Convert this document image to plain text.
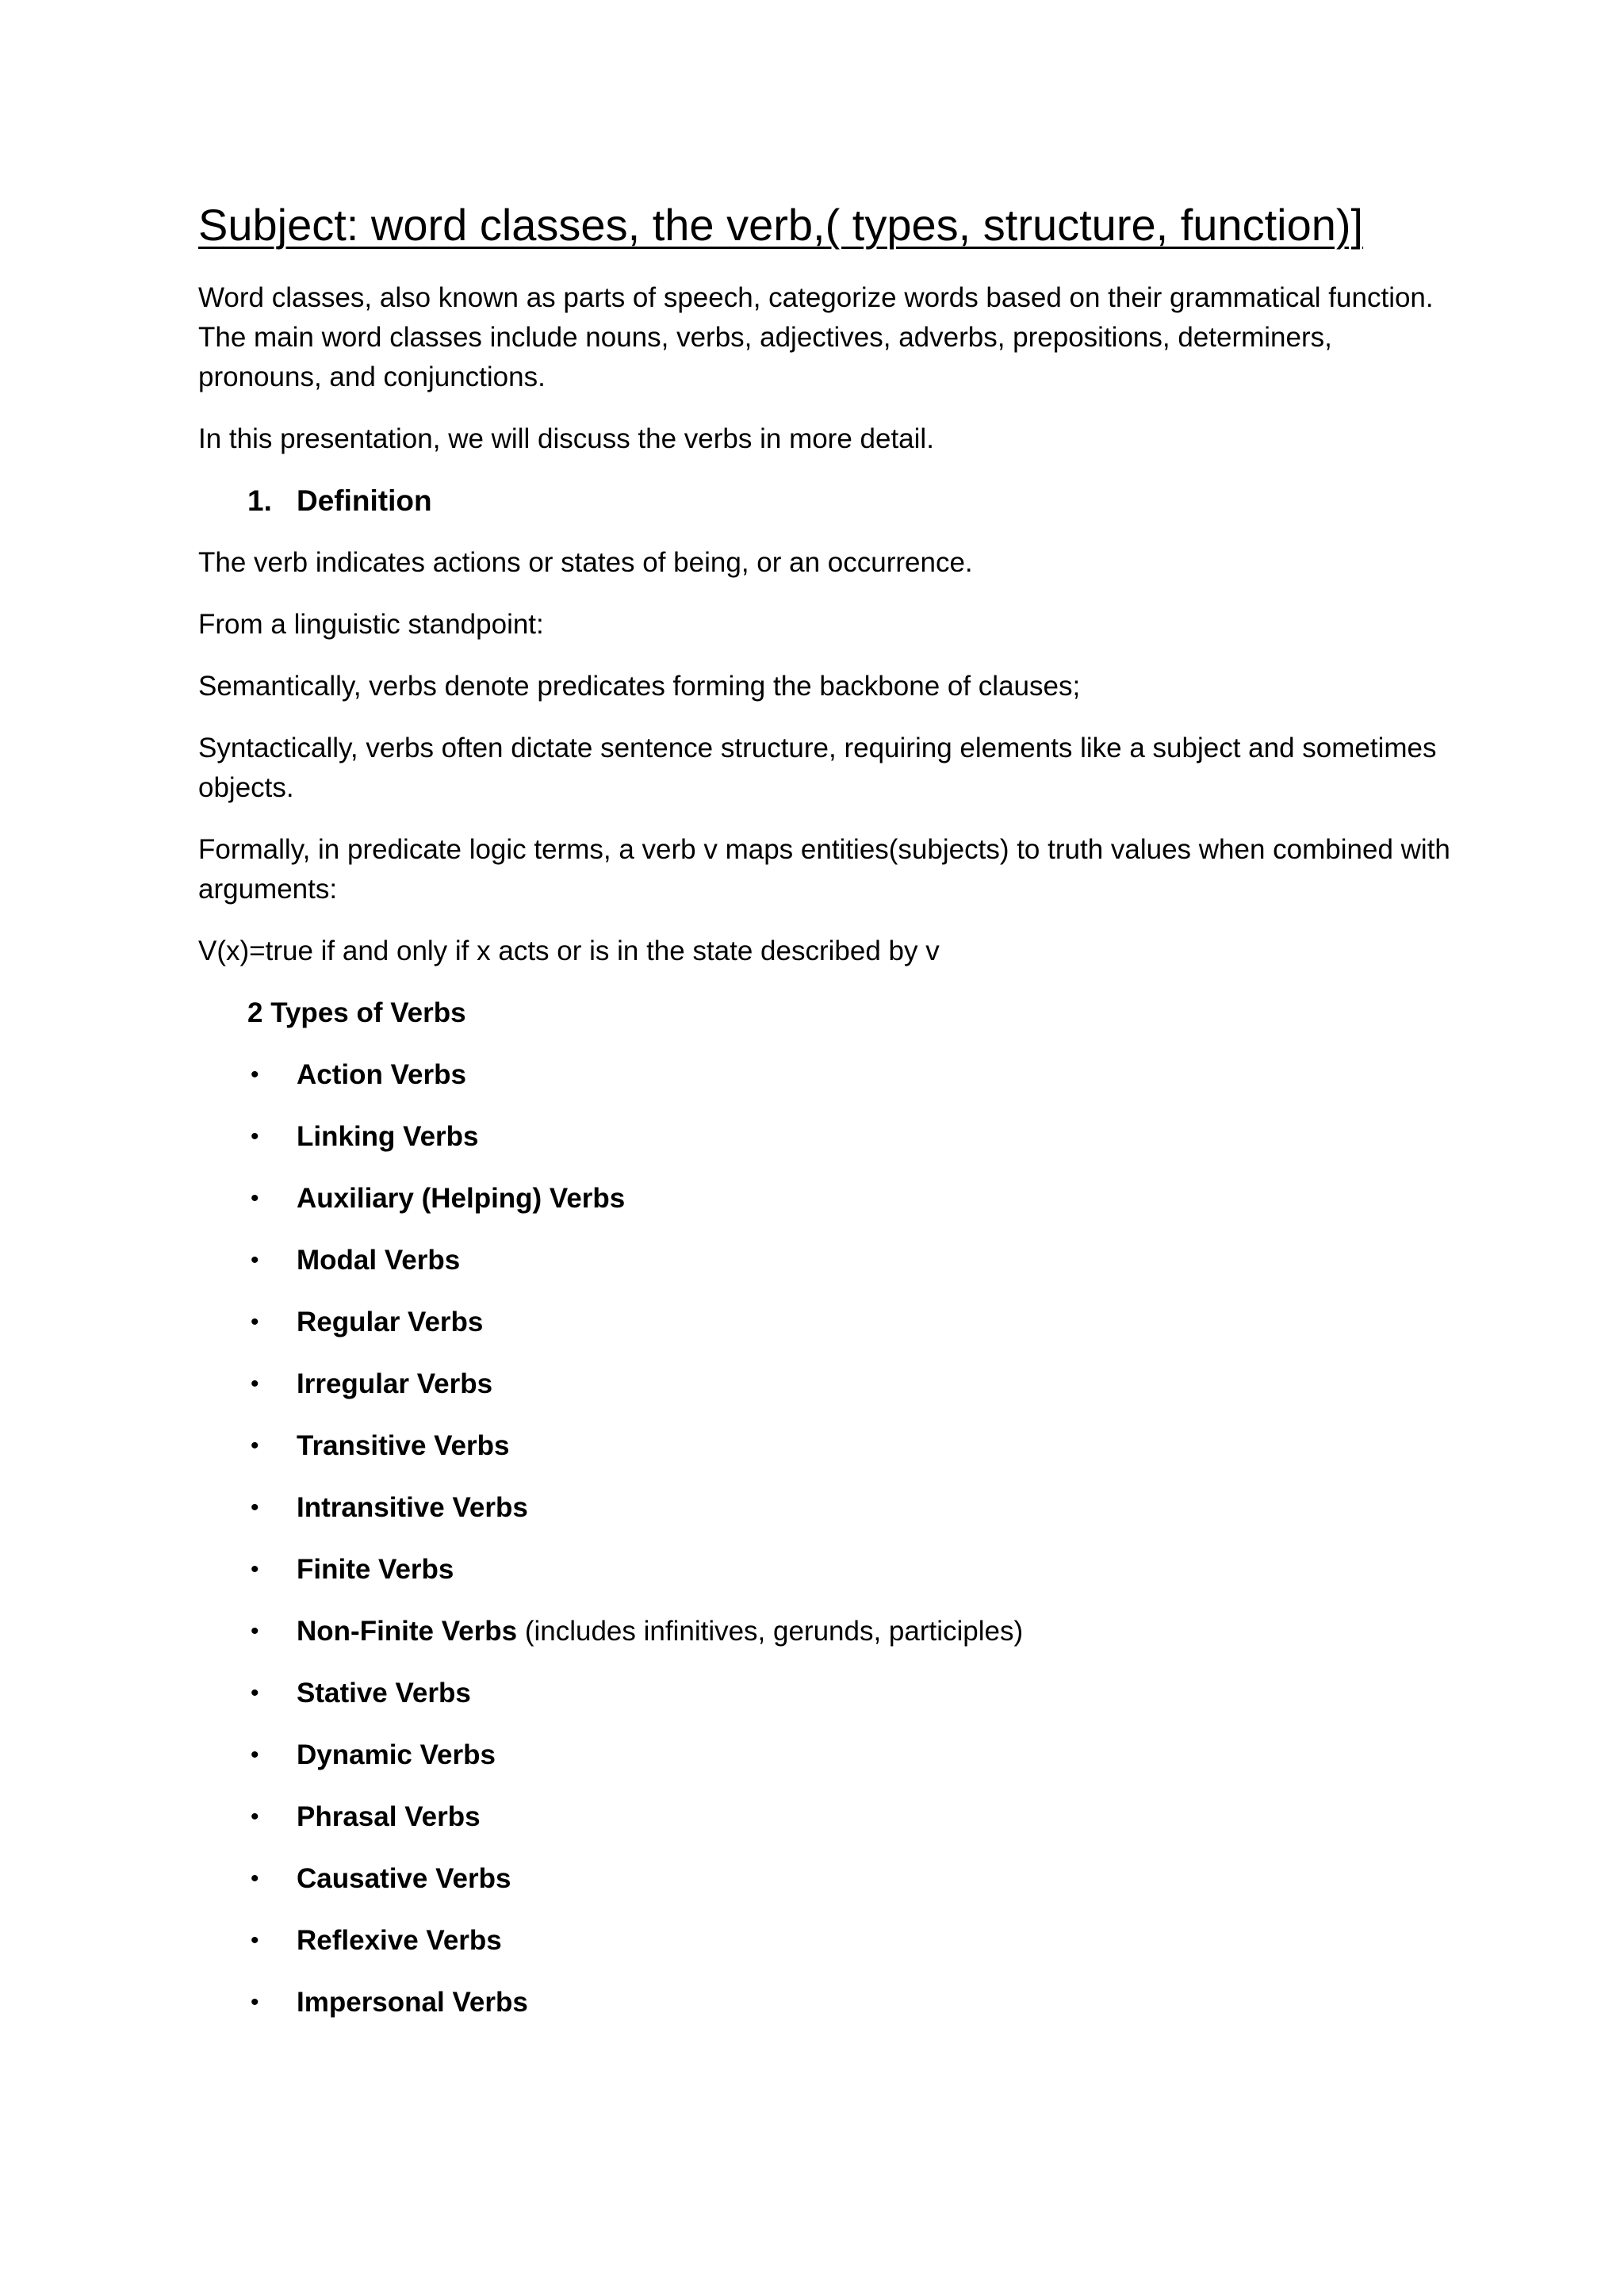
Subject: word classes, the verb,( types, structure, function)]

Word classes, also known as parts of speech, categorize words based on their grammatical function. The main word classes include nouns, verbs, adjectives, adverbs, prepositions, determiners, pronouns, and conjunctions.

In this presentation, we will discuss the verbs in more detail.

1. Definition

The verb indicates actions or states of being, or an occurrence.

From a linguistic standpoint:

Semantically, verbs denote predicates forming the backbone of clauses;

Syntactically, verbs often dictate sentence structure, requiring elements like a subject and sometimes objects.

Formally, in predicate logic terms, a verb v maps entities(subjects) to truth values when combined with arguments:

V(x)=true if and only if x acts or is in the state described by v

2 Types of Verbs
• Action Verbs
• Linking Verbs
• Auxiliary (Helping) Verbs
• Modal Verbs
• Regular Verbs
• Irregular Verbs
• Transitive Verbs
• Intransitive Verbs
• Finite Verbs
• Non-Finite Verbs (includes infinitives, gerunds, participles)
• Stative Verbs
• Dynamic Verbs
• Phrasal Verbs
• Causative Verbs
• Reflexive Verbs
• Impersonal Verbs
